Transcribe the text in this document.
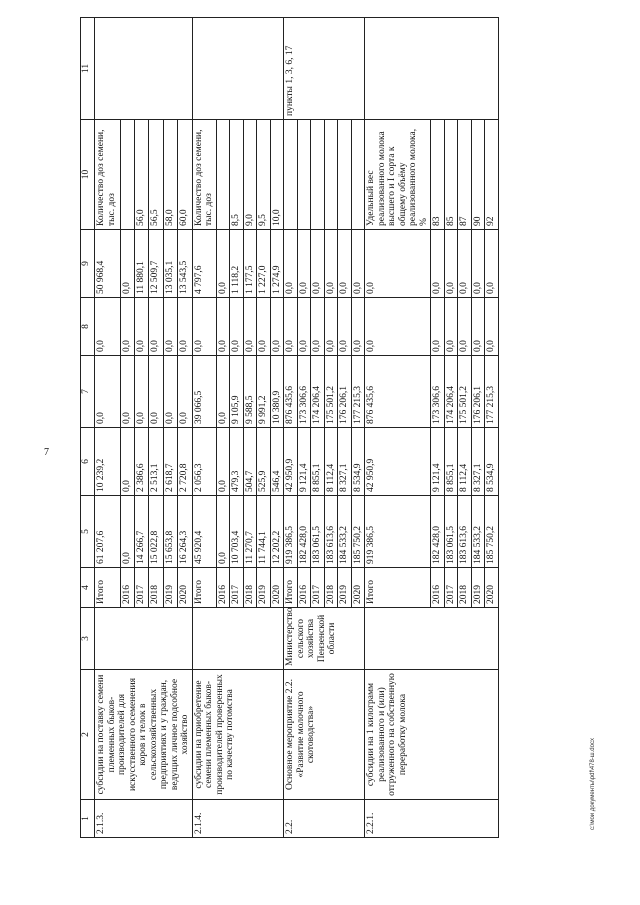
7
1	2	3	4	5	6	7	8	9	10	11
2.1.3.	субсидии на поставку семени племенных быков-производителей для искусственного осеменения коров и телок в сельскохозяйственных предприятиях и у граждан, ведущих личное подсобное хозяйство		Итого	61 207,6	10 239,2	0,0	0,0	50 968,4	Количество доз семени, тыс. доз	
			2016	0,0	0,0	0,0	0,0	0,0		
			2017	14 266,7	2 386,6	0,0	0,0	11 880,1	56,0	
			2018	15 022,8	2 513,1	0,0	0,0	12 509,7	56,5	
			2019	15 653,8	2 618,7	0,0	0,0	13 035,1	58,0	
			2020	16 264,3	2 720,8	0,0	0,0	13 543,5	60,0	
2.1.4.	субсидии на приобретение семени племенных быков-производителей проверенных по качеству потомства		Итого	45 920,4	2 056,3	39 066,5	0,0	4 797,6	Количество доз семени, тыс. доз	
			2016	0,0	0,0	0,0	0,0	0,0		
			2017	10 703,4	479,3	9 105,9	0,0	1 118,2	8,5	
			2018	11 270,7	504,7	9 588,5	0,0	1 177,5	9,0	
			2019	11 744,1	525,9	9 991,2	0,0	1 227,0	9,5	
			2020	12 202,2	546,4	10 380,9	0,0	1 274,9	10,0	
2.2.	Основное мероприятие 2.2. «Развитие молочного скотоводства»	Министерство сельского хозяйства Пензенской области	Итого	919 386,5	42 950,9	876 435,6	0,0	0,0		пункты 1, 3, 6, 17
			2016	182 428,0	9 121,4	173 306,6	0,0	0,0		
			2017	183 061,5	8 855,1	174 206,4	0,0	0,0		
			2018	183 613,6	8 112,4	175 501,2	0,0	0,0		
			2019	184 533,2	8 327,1	176 206,1	0,0	0,0		
			2020	185 750,2	8 534,9	177 215,3	0,0	0,0		
2.2.1.	субсидии на 1 килограмм реализованного и (или) отгруженного на собственную переработку молока		Итого	919 386,5	42 950,9	876 435,6	0,0	0,0	Удельный вес реализованного молока высшего и I сорта к общему объёму реализованного молока, %	
			2016	182 428,0	9 121,4	173 306,6	0,0	0,0	83	
			2017	183 061,5	8 855,1	174 206,4	0,0	0,0	85	
			2018	183 613,6	8 112,4	175 501,2	0,0	0,0	87	
			2019	184 533,2	8 327,1	176 206,1	0,0	0,0	90	
			2020	185 750,2	8 534,9	177 215,3	0,0	0,0	92	
c:\мои документы\pdf\478-ш.docx
